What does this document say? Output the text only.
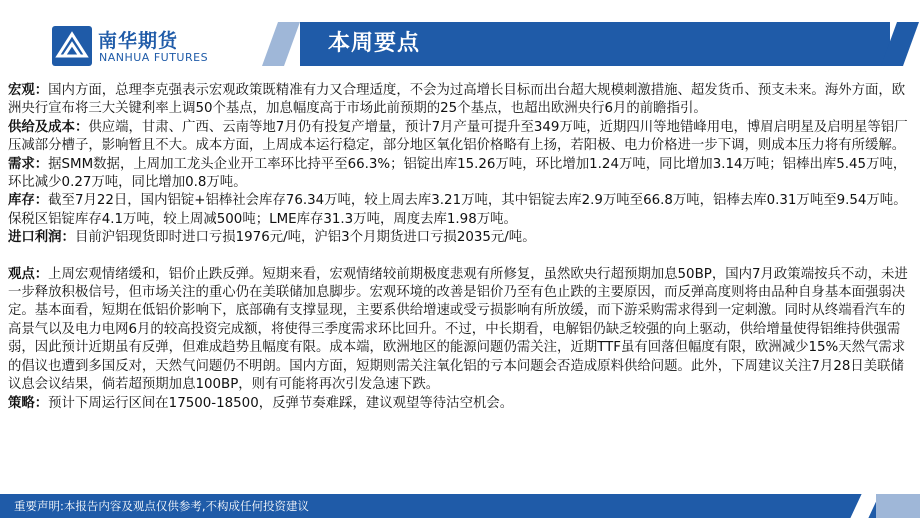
南华期货
NANHUA FUTURES
本周要点

宏观：国内方面，总理李克强表示宏观政策既精准有力又合理适度，不会为过高增长目标而出台超大规模刺激措施、超发货币、预支未来。海外方面，欧洲央行宣布将三大关键利率上调50个基点，加息幅度高于市场此前预期的25个基点，也超出欧洲央行6月的前瞻指引。

供给及成本：供应端，甘肃、广西、云南等地7月仍有投复产增量，预计7月产量可提升至349万吨，近期四川等地错峰用电，博眉启明星及启明星等铝厂压减部分槽子，影响暂且不大。成本方面，上周成本运行稳定，部分地区氧化铝价格略有上扬，若阳极、电力价格进一步下调，则成本压力将有所缓解。

需求：据SMM数据，上周加工龙头企业开工率环比持平至66.3%；铝锭出库15.26万吨，环比增加1.24万吨，同比增加3.14万吨；铝棒出库5.45万吨，环比减少0.27万吨，同比增加0.8万吨。

库存：截至7月22日，国内铝锭+铝棒社会库存76.34万吨，较上周去库3.21万吨，其中铝锭去库2.9万吨至66.8万吨，铝棒去库0.31万吨至9.54万吨。保税区铝锭库存4.1万吨，较上周减500吨；LME库存31.3万吨，周度去库1.98万吨。

进口利润：目前沪铝现货即时进口亏损1976元/吨，沪铝3个月期货进口亏损2035元/吨。

观点：上周宏观情绪缓和，铝价止跌反弹。短期来看，宏观情绪较前期极度悲观有所修复，虽然欧央行超预期加息50BP，国内7月政策端按兵不动，未进一步释放积极信号，但市场关注的重心仍在美联储加息脚步。宏观环境的改善是铝价乃至有色止跌的主要原因，而反弹高度则将由品种自身基本面强弱决定。基本面看，短期在低铝价影响下，底部确有支撑显现，主要系供给增速或受亏损影响有所放缓，而下游采购需求得到一定刺激。同时从终端看汽车的高景气以及电力电网6月的较高投资完成额，将使得三季度需求环比回升。不过，中长期看，电解铝仍缺乏较强的向上驱动，供给增量使得铝维持供强需弱，因此预计近期虽有反弹，但难成趋势且幅度有限。成本端，欧洲地区的能源问题仍需关注，近期TTF虽有回落但幅度有限，欧洲减少15%天然气需求的倡议也遭到多国反对，天然气问题仍不明朗。国内方面，短期则需关注氧化铝的亏本问题会否造成原料供给问题。此外，下周建议关注7月28日美联储议息会议结果，倘若超预期加息100BP，则有可能将再次引发急速下跌。

策略：预计下周运行区间在17500-18500，反弹节奏难踩，建议观望等待沽空机会。

重要声明:本报告内容及观点仅供参考,不构成任何投资建议
